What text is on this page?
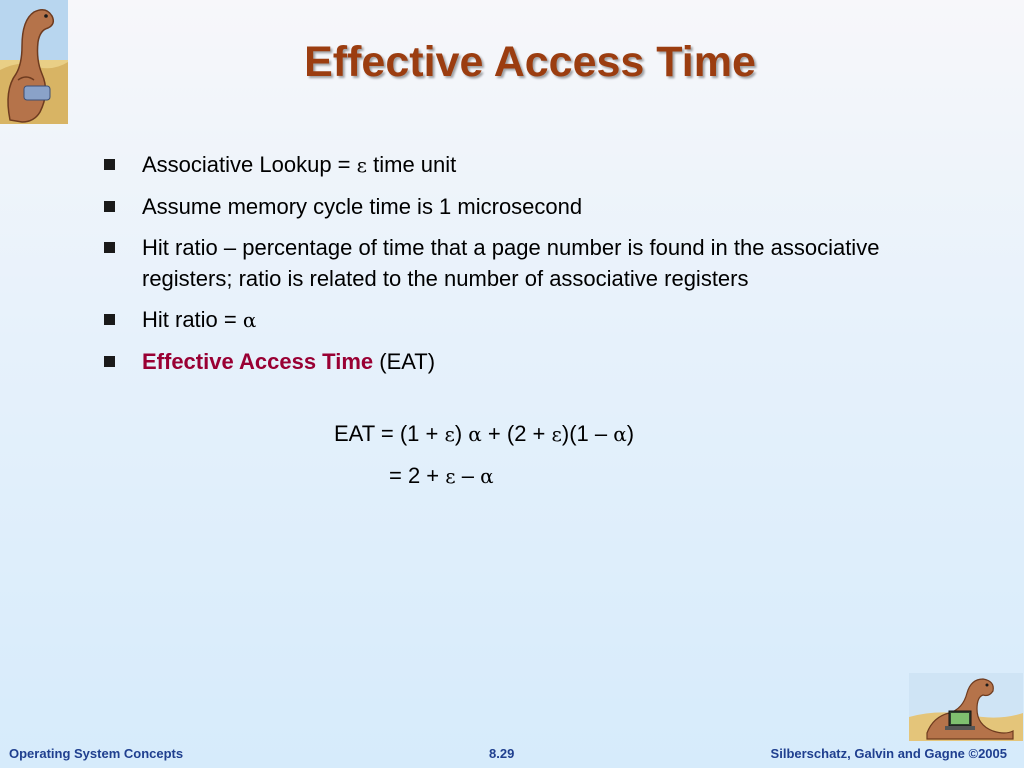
Effective Access Time
Associative Lookup = ε time unit
Assume memory cycle time is 1 microsecond
Hit ratio – percentage of time that a page number is found in the associative registers; ratio is related to the number of associative registers
Hit ratio = α
Effective Access Time (EAT)
EAT = (1 + ε) α + (2 + ε)(1 – α)
= 2 + ε – α
Operating System Concepts	8.29	Silberschatz, Galvin and Gagne ©2005
